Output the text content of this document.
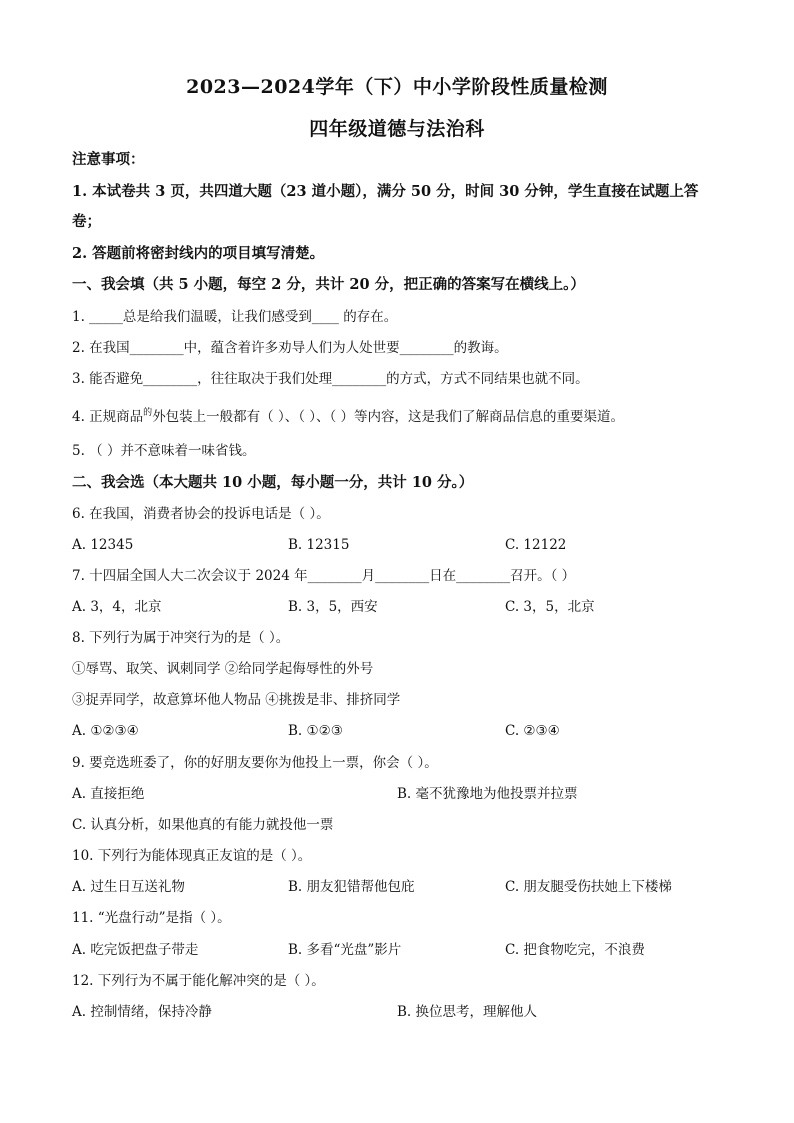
2023—2024学年（下）中小学阶段性质量检测
四年级道德与法治科
注意事项：
1. 本试卷共 3 页，共四道大题（23 道小题），满分 50 分，时间 30 分钟，学生直接在试题上答
卷；
2. 答题前将密封线内的项目填写清楚。
一、我会填（共 5 小题，每空 2 分，共计 20 分，把正确的答案写在横线上。）
1. _____总是给我们温暖，让我们感受到____ 的存在。
2. 在我国________中，蕴含着许多劝导人们为人处世要________的教诲。
3. 能否避免________，往往取决于我们处理________的方式，方式不同结果也就不同。
4. 正规商品$^的$外包装上一般都有（ ）、（ ）、（ ）等内容，这是我们了解商品信息的重要渠道。
5. （ ）并不意味着一味省钱。
二、我会选（本大题共 10 小题，每小题一分，共计 10 分。）
6. 在我国，消费者协会的投诉电话是（ ）。
A. 12345	B. 12315	C. 12122
7. 十四届全国人大二次会议于 2024 年________月________日在________召开。（ ）
A. 3，4，北京	B. 3，5，西安	C. 3，5，北京
8. 下列行为属于冲突行为的是（ ）。
①辱骂、取笑、讽刺同学 ②给同学起侮辱性的外号
③捉弄同学，故意算坏他人物品 ④挑拨是非、排挤同学
A. ①②③④	B. ①②③	C. ②③④
9. 要竞选班委了，你的好朋友要你为他投上一票，你会（ ）。
A. 直接拒绝	B. 毫不犹豫地为他投票并拉票
C. 认真分析，如果他真的有能力就投他一票
10. 下列行为能体现真正友谊的是（ ）。
A. 过生日互送礼物	B. 朋友犯错帮他包庇	C. 朋友腿受伤扶她上下楼梯
11. “光盘行动”是指（ ）。
A. 吃完饭把盘子带走	B. 多看“光盘”影片	C. 把食物吃完，不浪费
12. 下列行为不属于能化解冲突的是（ ）。
A. 控制情绪，保持冷静	B. 换位思考，理解他人
